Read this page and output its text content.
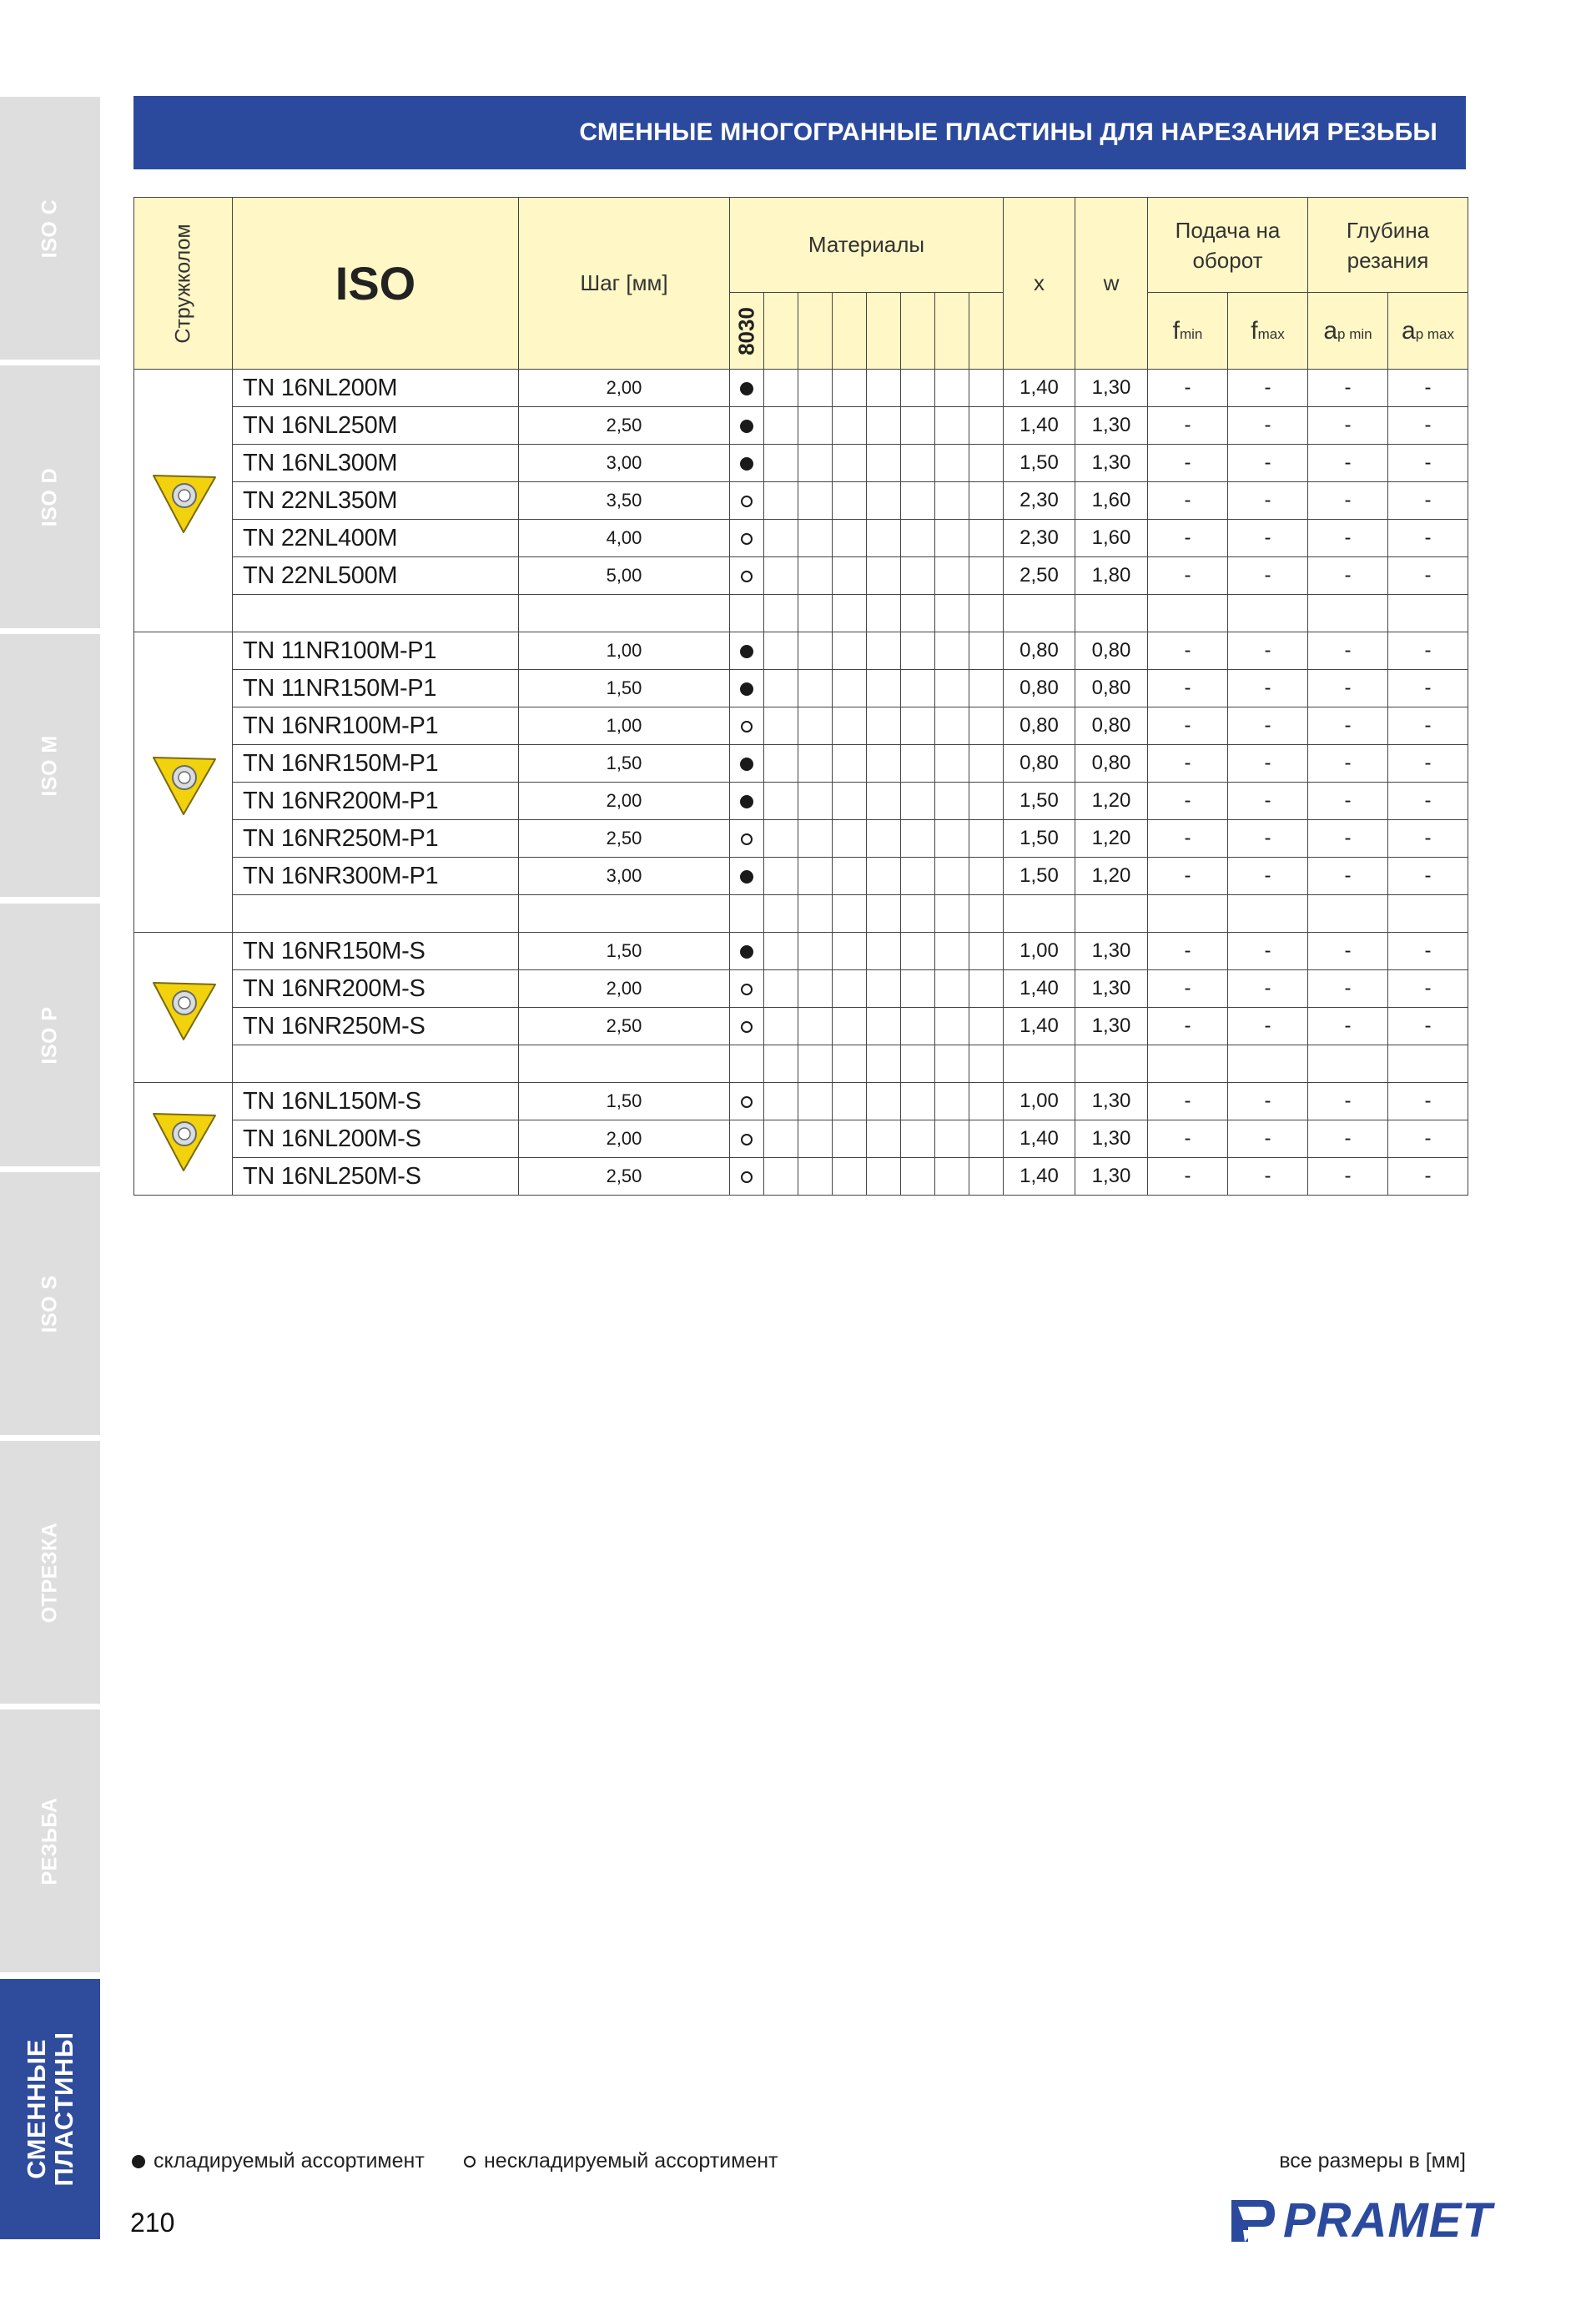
ISO C
ISO D
ISO M
ISO P
ISO S
ОТРЕЗКА
РЕЗЬБА
СМЕННЫЕ ПЛАСТИНЫ
СМЕННЫЕ МНОГОГРАННЫЕ ПЛАСТИНЫ ДЛЯ НАРЕЗАНИЯ РЕЗЬБЫ
Стружколом	ISO	Шаг [мм]	Материалы								x	w	Подача на оборот		Глубина резания	

			8030										fmin	fmax	ap min	ap max

	TN 16NL200M	2,00									1,40	1,30	-	-	-	-
	TN 16NL250M	2,50									1,40	1,30	-	-	-	-
	TN 16NL300M	3,00									1,50	1,30	-	-	-	-
	TN 22NL350M	3,50									2,30	1,60	-	-	-	-
	TN 22NL400M	4,00									2,30	1,60	-	-	-	-
	TN 22NL500M	5,00									2,50	1,80	-	-	-	-

	TN 11NR100M-P1	1,00									0,80	0,80	-	-	-	-
	TN 11NR150M-P1	1,50									0,80	0,80	-	-	-	-
	TN 16NR100M-P1	1,00									0,80	0,80	-	-	-	-
	TN 16NR150M-P1	1,50									0,80	0,80	-	-	-	-
	TN 16NR200M-P1	2,00									1,50	1,20	-	-	-	-
	TN 16NR250M-P1	2,50									1,50	1,20	-	-	-	-
	TN 16NR300M-P1	3,00									1,50	1,20	-	-	-	-

	TN 16NR150M-S	1,50									1,00	1,30	-	-	-	-
	TN 16NR200M-S	2,00									1,40	1,30	-	-	-	-
	TN 16NR250M-S	2,50									1,40	1,30	-	-	-	-

	TN 16NL150M-S	1,50									1,00	1,30	-	-	-	-
	TN 16NL200M-S	2,00									1,40	1,30	-	-	-	-
	TN 16NL250M-S	2,50									1,40	1,30	-	-	-	-
складируемый ассортимент	нескладируемый ассортимент	все размеры в [мм]
210	PRAMET
